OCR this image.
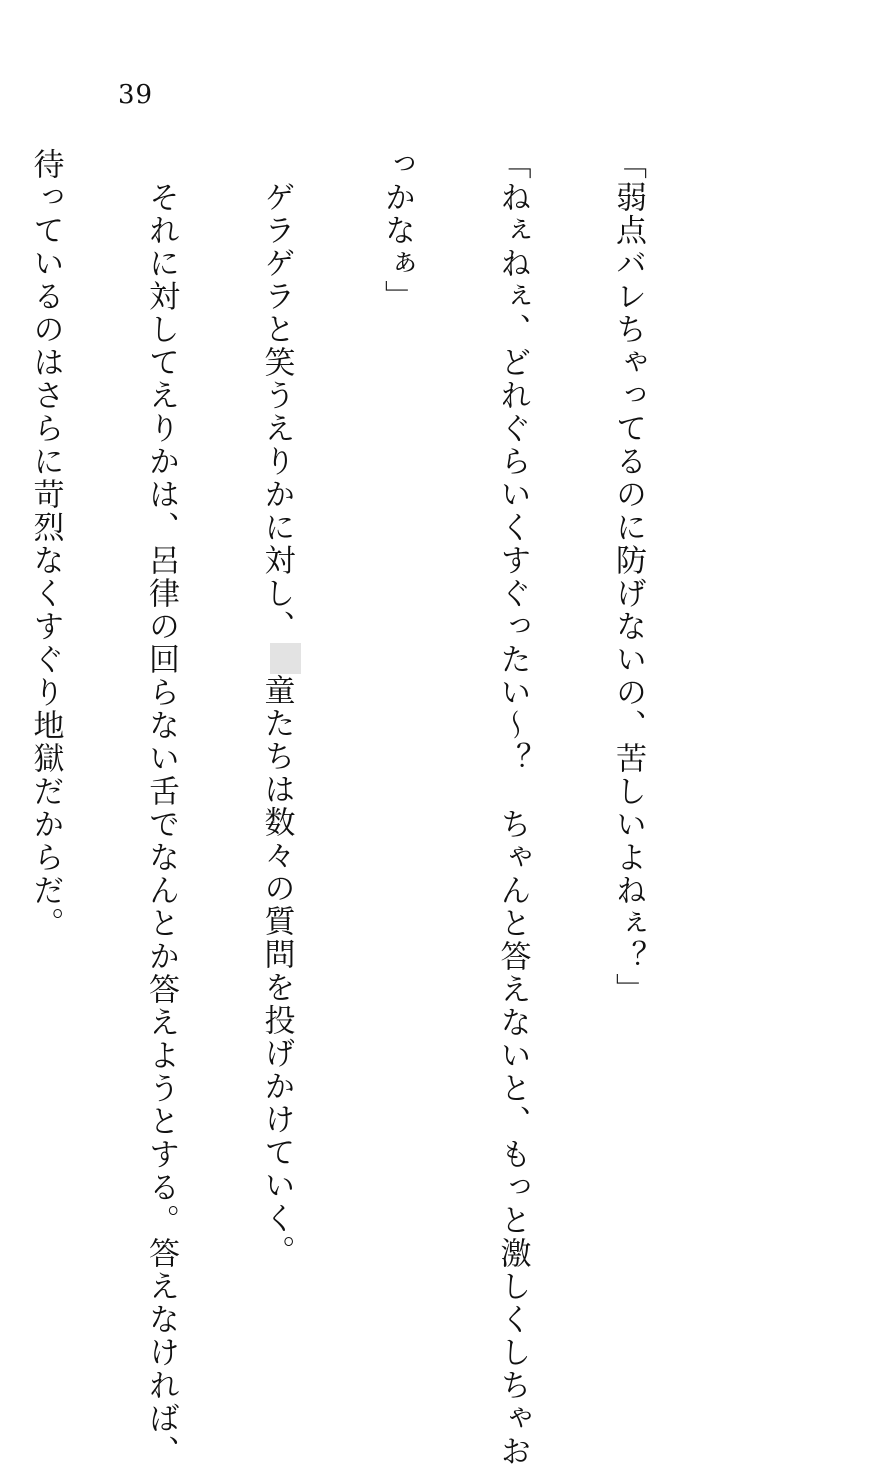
39

「弱点バレちゃってるのに防げないの、苦しいよねぇ？」

「ねぇねぇ、どれぐらいくすぐったい～？　ちゃんと答えないと、もっと激しくしちゃお

っかなぁ」

　ゲラゲラと笑うえりかに対し、童たちは数々の質問を投げかけていく。

　それに対してえりかは、呂律の回らない舌でなんとか答えようとする。答えなければ、

待っているのはさらに苛烈なくすぐり地獄だからだ。
